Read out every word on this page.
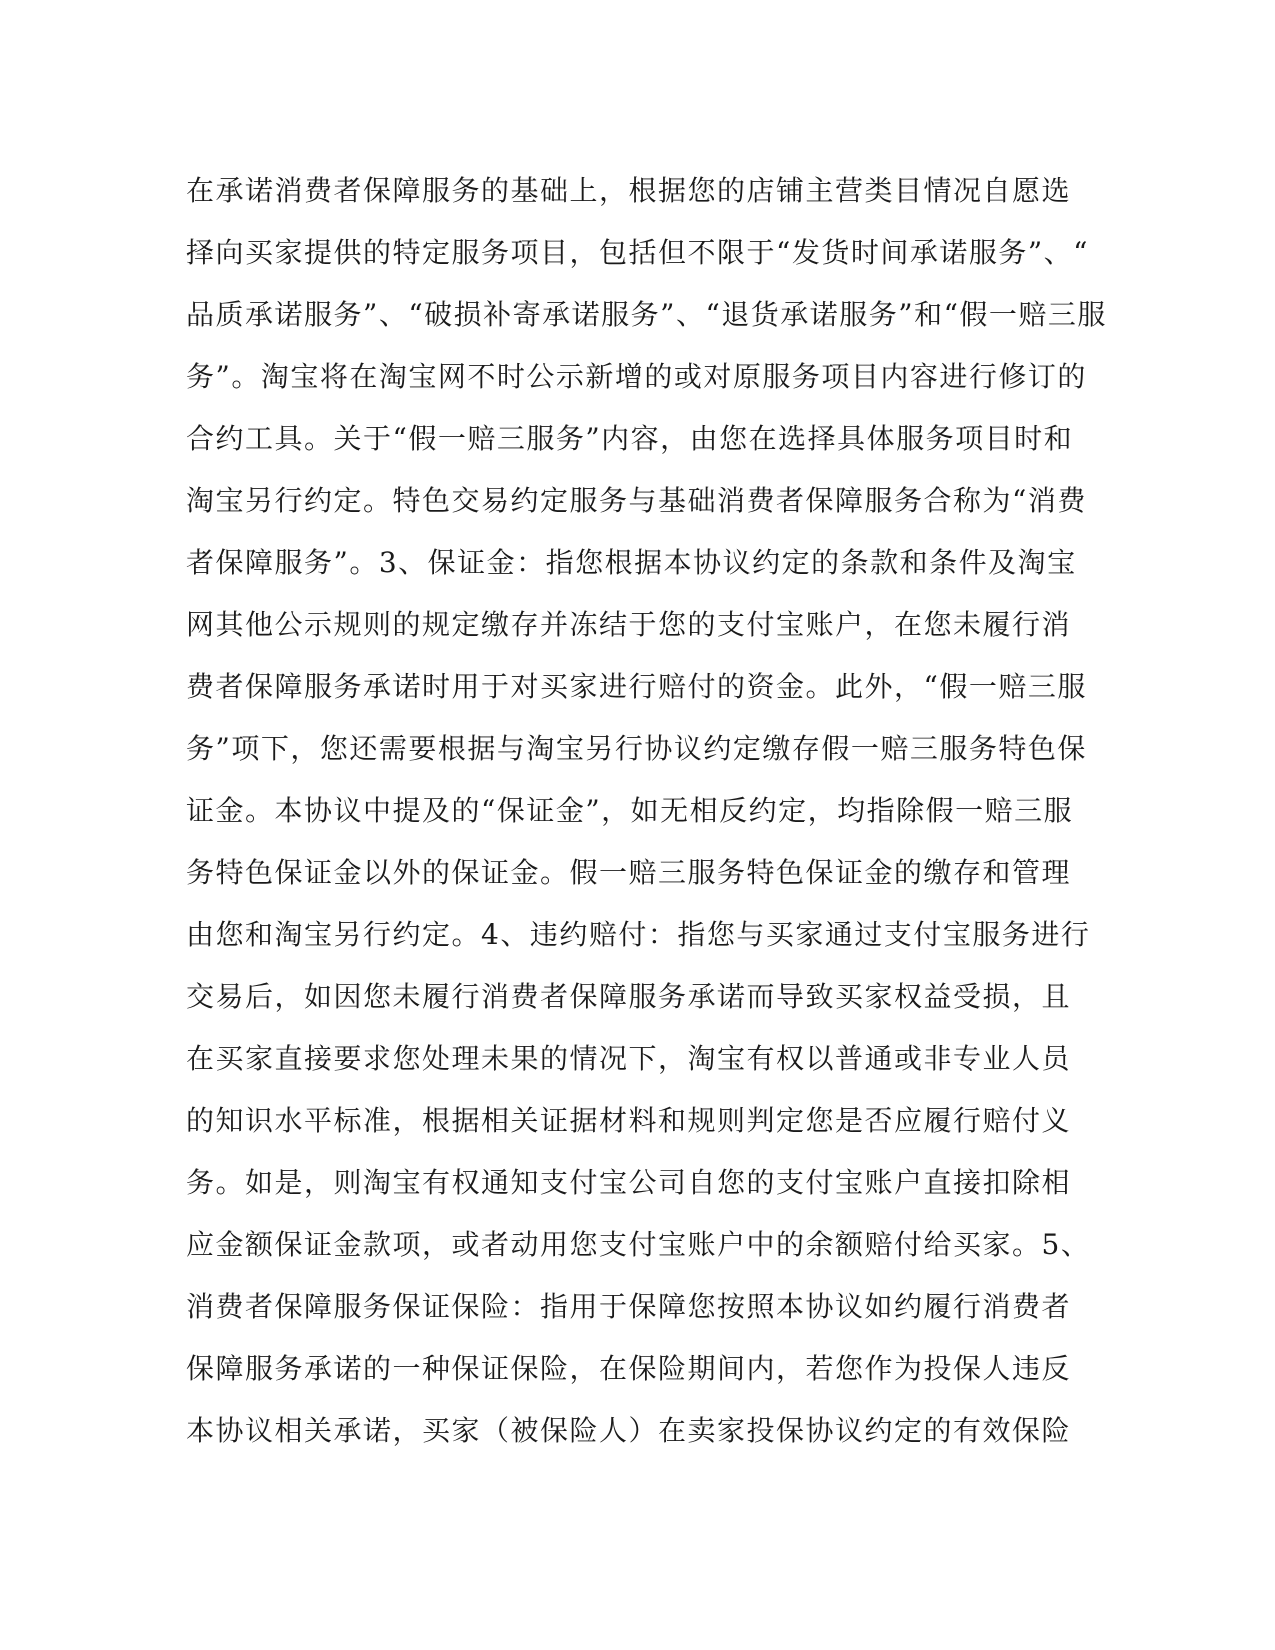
在承诺消费者保障服务的基础上，根据您的店铺主营类目情况自愿选
择向买家提供的特定服务项目，包括但不限于“发货时间承诺服务”、“
品质承诺服务”、“破损补寄承诺服务”、“退货承诺服务”和“假一赔三服
务”。淘宝将在淘宝网不时公示新增的或对原服务项目内容进行修订的
合约工具。关于“假一赔三服务”内容，由您在选择具体服务项目时和
淘宝另行约定。特色交易约定服务与基础消费者保障服务合称为“消费
者保障服务”。3、保证金：指您根据本协议约定的条款和条件及淘宝
网其他公示规则的规定缴存并冻结于您的支付宝账户，在您未履行消
费者保障服务承诺时用于对买家进行赔付的资金。此外，“假一赔三服
务”项下，您还需要根据与淘宝另行协议约定缴存假一赔三服务特色保
证金。本协议中提及的“保证金”，如无相反约定，均指除假一赔三服
务特色保证金以外的保证金。假一赔三服务特色保证金的缴存和管理
由您和淘宝另行约定。4、违约赔付：指您与买家通过支付宝服务进行
交易后，如因您未履行消费者保障服务承诺而导致买家权益受损，且
在买家直接要求您处理未果的情况下，淘宝有权以普通或非专业人员
的知识水平标准，根据相关证据材料和规则判定您是否应履行赔付义
务。如是，则淘宝有权通知支付宝公司自您的支付宝账户直接扣除相
应金额保证金款项，或者动用您支付宝账户中的余额赔付给买家。5、
消费者保障服务保证保险：指用于保障您按照本协议如约履行消费者
保障服务承诺的一种保证保险，在保险期间内，若您作为投保人违反
本协议相关承诺，买家（被保险人）在卖家投保协议约定的有效保险
